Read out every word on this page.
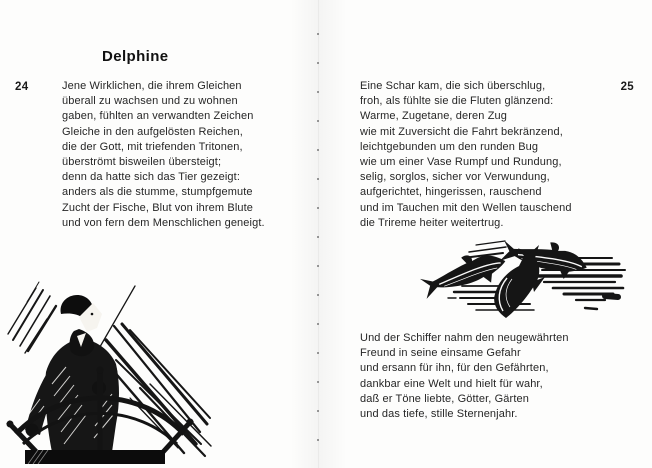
Delphine
24	25
Jene Wirklichen, die ihrem Gleichen
überall zu wachsen und zu wohnen
gaben, fühlten an verwandten Zeichen
Gleiche in den aufgelösten Reichen,
die der Gott, mit triefenden Tritonen,
überströmt bisweilen übersteigt;
denn da hatte sich das Tier gezeigt:
anders als die stumme, stumpfgemute
Zucht der Fische, Blut von ihrem Blute
und von fern dem Menschlichen geneigt.
Eine Schar kam, die sich überschlug,
froh, als fühlte sie die Fluten glänzend:
Warme, Zugetane, deren Zug
wie mit Zuversicht die Fahrt bekränzend,
leichtgebunden um den runden Bug
wie um einer Vase Rumpf und Rundung,
selig, sorglos, sicher vor Verwundung,
aufgerichtet, hingerissen, rauschend
und im Tauchen mit den Wellen tauschend
die Trireme heiter weitertrug.
Und der Schiffer nahm den neugewährten
Freund in seine einsame Gefahr
und ersann für ihn, für den Gefährten,
dankbar eine Welt und hielt für wahr,
daß er Töne liebte, Götter, Gärten
und das tiefe, stille Sternenjahr.
